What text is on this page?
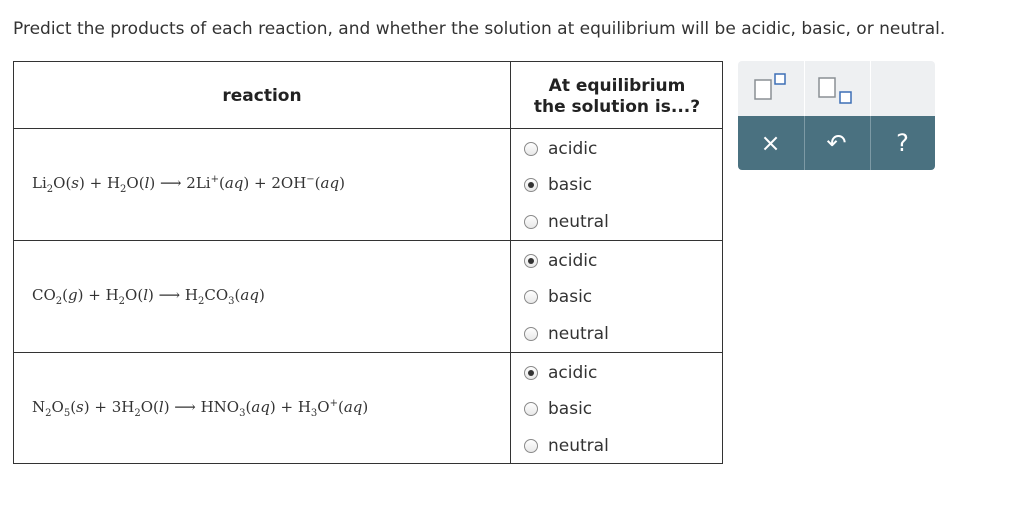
Predict the products of each reaction, and whether the solution at equilibrium will be acidic, basic, or neutral.
reaction	At equilibrium
the solution is...?
$Li_2O(s) + H_2O(l)$ ⟶ 2Li+(aq) + 2OH−(aq)
$CO_2(g) + H_2O(l)$ ⟶ $H_2CO_3(aq)$
$N_2O_5(s) + 3H_2O(l)$ ⟶ $HNO_3(aq) + H_3O^+(aq)$
acidic
basic
neutral
acidic
basic
neutral
acidic
basic
neutral
× ↶ ?
